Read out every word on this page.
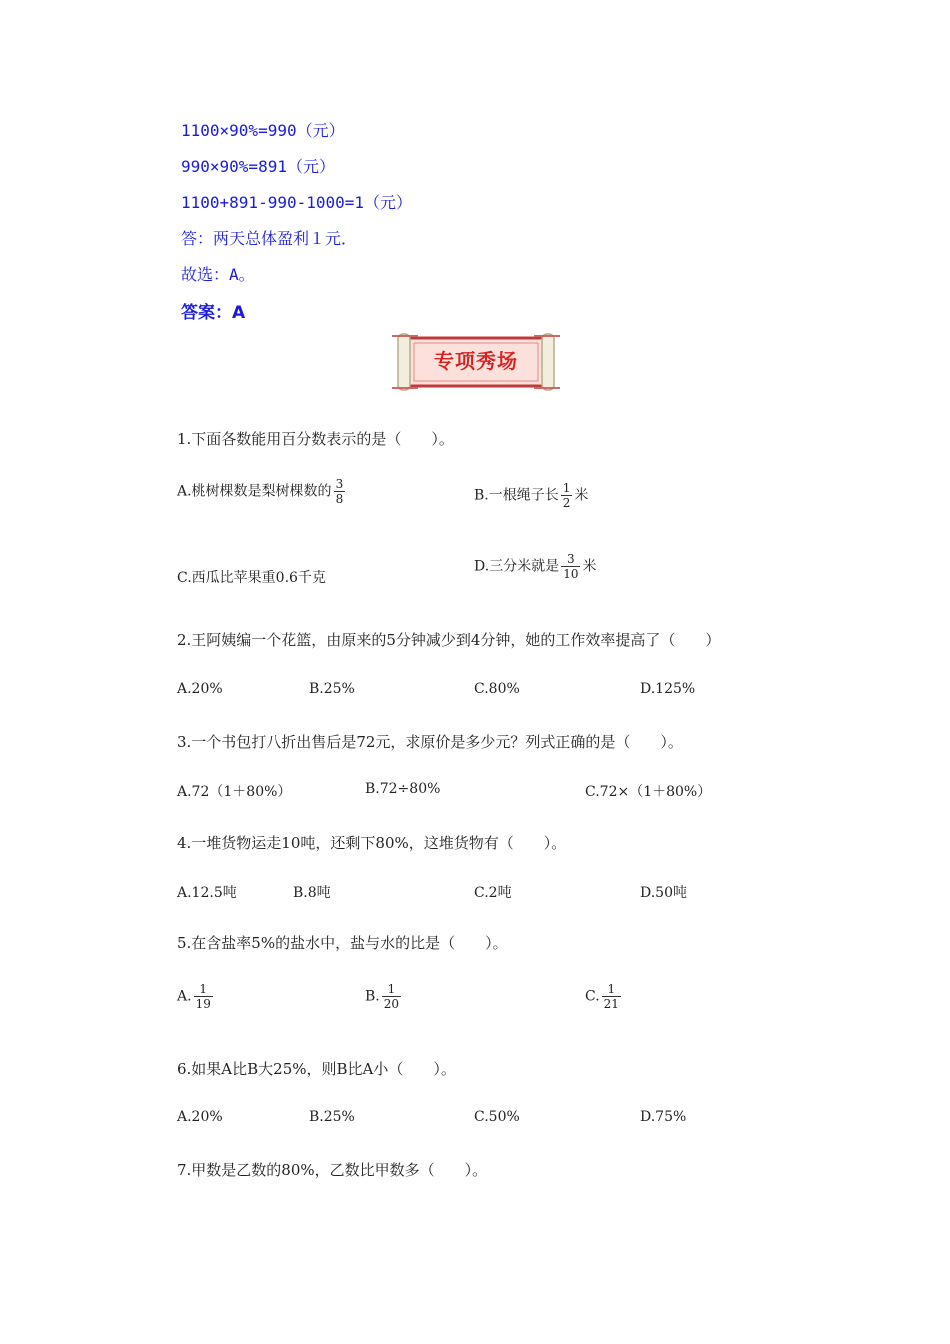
1100×90%=990（元）
990×90%=891（元）
1100+891-990-1000=1（元）
答：两天总体盈利１元．
故选：A。
答案：A
专项秀场
1.下面各数能用百分数表示的是（　　）。
A.桃树棵数是梨树棵数的 $\frac{3}{8}$	B.一根绳子长 $\frac{1}{2}$ 米
C.西瓜比苹果重0.6千克
D.三分米就是 $\frac{3}{10}$ 米
2.王阿姨编一个花篮，由原来的5分钟减少到4分钟，她的工作效率提高了（　　）
A.20%	B.25%	C.80%	D.125%
3.一个书包打八折出售后是72元，求原价是多少元？列式正确的是（　　）。
A.72（1＋80%）	B.72÷80%	C.72×（1＋80%）
4.一堆货物运走10吨，还剩下80%，这堆货物有（　　）。
A.12.5吨	B.8吨	C.2吨	D.50吨
5.在含盐率5%的盐水中，盐与水的比是（　　）。
A. $\frac{1}{19}$	B. $\frac{1}{20}$	C. $\frac{1}{21}$
6.如果A比B大25%，则B比A小（　　）。
A.20%	B.25%	C.50%	D.75%
7.甲数是乙数的80%，乙数比甲数多（　　）。
